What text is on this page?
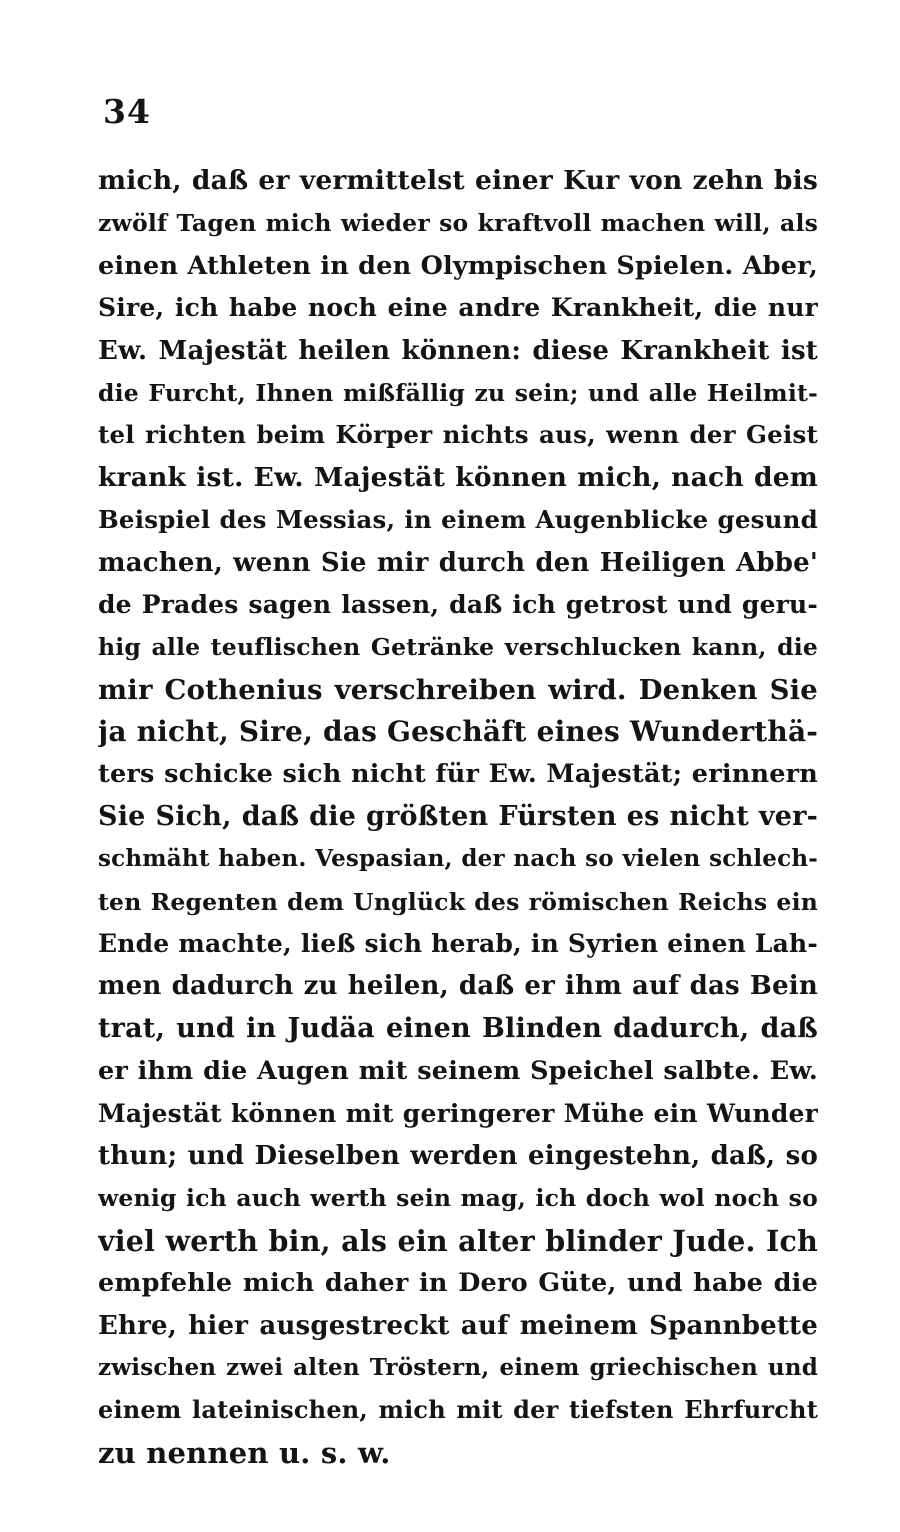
34
mich, daß er vermittelst einer Kur von zehn bis
zwölf Tagen mich wieder so kraftvoll machen will, als
einen Athleten in den Olympischen Spielen. Aber,
Sire, ich habe noch eine andre Krankheit, die nur
Ew. Majestät heilen können: diese Krankheit ist
die Furcht, Ihnen mißfällig zu sein; und alle Heilmit-
tel richten beim Körper nichts aus, wenn der Geist
krank ist. Ew. Majestät können mich, nach dem
Beispiel des Messias, in einem Augenblicke gesund
machen, wenn Sie mir durch den Heiligen Abbe'
de Prades sagen lassen, daß ich getrost und geru-
hig alle teuflischen Getränke verschlucken kann, die
mir Cothenius verschreiben wird. Denken Sie
ja nicht, Sire, das Geschäft eines Wunderthä-
ters schicke sich nicht für Ew. Majestät; erinnern
Sie Sich, daß die größten Fürsten es nicht ver-
schmäht haben. Vespasian, der nach so vielen schlech-
ten Regenten dem Unglück des römischen Reichs ein
Ende machte, ließ sich herab, in Syrien einen Lah-
men dadurch zu heilen, daß er ihm auf das Bein
trat, und in Judäa einen Blinden dadurch, daß
er ihm die Augen mit seinem Speichel salbte. Ew.
Majestät können mit geringerer Mühe ein Wunder
thun; und Dieselben werden eingestehn, daß, so
wenig ich auch werth sein mag, ich doch wol noch so
viel werth bin, als ein alter blinder Jude. Ich
empfehle mich daher in Dero Güte, und habe die
Ehre, hier ausgestreckt auf meinem Spannbette
zwischen zwei alten Tröstern, einem griechischen und
einem lateinischen, mich mit der tiefsten Ehrfurcht
zu nennen u. s. w.
